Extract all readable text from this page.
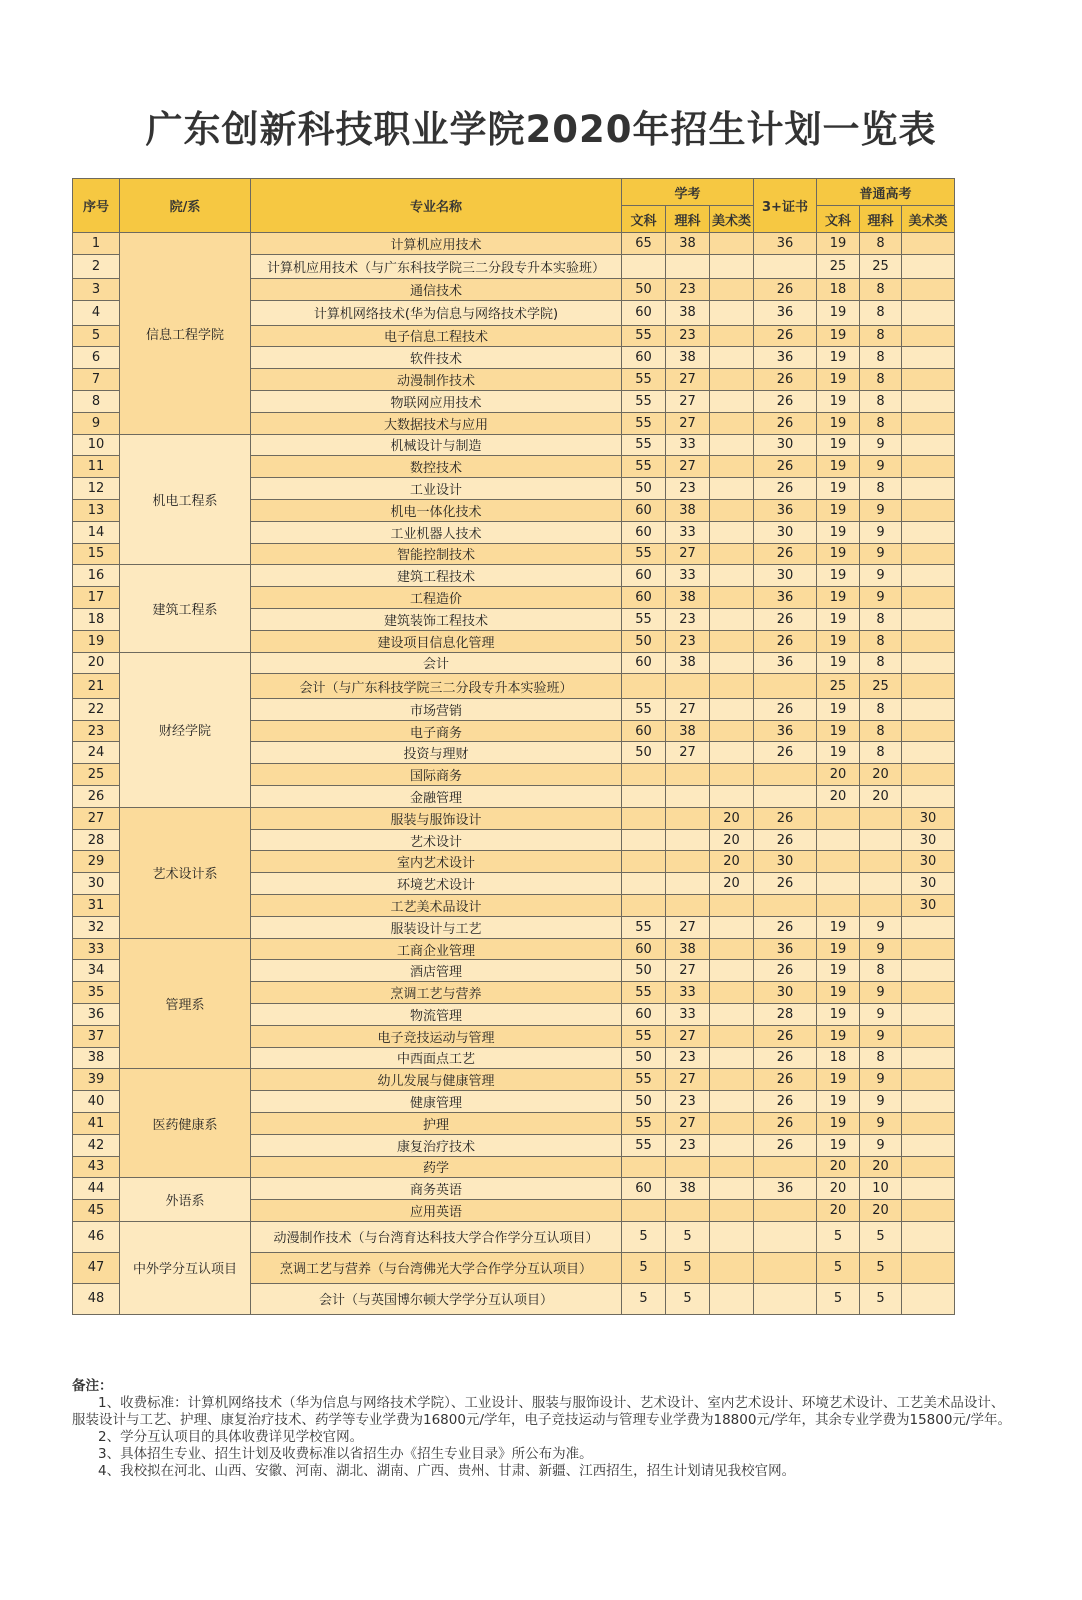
广东创新科技职业学院2020年招生计划一览表
序号	院/系	专业名称	学考			3+证书	普通高考		
			文科	理科	美术类		文科	理科	美术类
1	信息工程学院	计算机应用技术	65	38		36	19	8	
2		计算机应用技术（与广东科技学院三二分段专升本实验班）					25	25	
3		通信技术	50	23		26	18	8	
4		计算机网络技术(华为信息与网络技术学院)	60	38		36	19	8	
5		电子信息工程技术	55	23		26	19	8	
6		软件技术	60	38		36	19	8	
7		动漫制作技术	55	27		26	19	8	
8		物联网应用技术	55	27		26	19	8	
9		大数据技术与应用	55	27		26	19	8	
10	机电工程系	机械设计与制造	55	33		30	19	9	
11		数控技术	55	27		26	19	9	
12		工业设计	50	23		26	19	8	
13		机电一体化技术	60	38		36	19	9	
14		工业机器人技术	60	33		30	19	9	
15		智能控制技术	55	27		26	19	9	
16	建筑工程系	建筑工程技术	60	33		30	19	9	
17		工程造价	60	38		36	19	9	
18		建筑装饰工程技术	55	23		26	19	8	
19		建设项目信息化管理	50	23		26	19	8	
20	财经学院	会计	60	38		36	19	8	
21		会计（与广东科技学院三二分段专升本实验班）					25	25	
22		市场营销	55	27		26	19	8	
23		电子商务	60	38		36	19	8	
24		投资与理财	50	27		26	19	8	
25		国际商务					20	20	
26		金融管理					20	20	
27	艺术设计系	服装与服饰设计			20	26			30
28		艺术设计			20	26			30
29		室内艺术设计			20	30			30
30		环境艺术设计			20	26			30
31		工艺美术品设计							30
32		服装设计与工艺	55	27		26	19	9	
33	管理系	工商企业管理	60	38		36	19	9	
34		酒店管理	50	27		26	19	8	
35		烹调工艺与营养	55	33		30	19	9	
36		物流管理	60	33		28	19	9	
37		电子竞技运动与管理	55	27		26	19	9	
38		中西面点工艺	50	23		26	18	8	
39	医药健康系	幼儿发展与健康管理	55	27		26	19	9	
40		健康管理	50	23		26	19	9	
41		护理	55	27		26	19	9	
42		康复治疗技术	55	23		26	19	9	
43		药学					20	20	
44	外语系	商务英语	60	38		36	20	10	
45		应用英语					20	20	
46	中外学分互认项目	动漫制作技术（与台湾育达科技大学合作学分互认项目）	5	5			5	5	
47		烹调工艺与营养（与台湾佛光大学合作学分互认项目）	5	5			5	5	
48		会计（与英国博尔顿大学学分互认项目）	5	5			5	5	
备注：

1、收费标准：计算机网络技术（华为信息与网络技术学院）、工业设计、服装与服饰设计、艺术设计、室内艺术设计、环境艺术设计、工艺美术品设计、服装设计与工艺、护理、康复治疗技术、药学等专业学费为16800元/学年，电子竞技运动与管理专业学费为18800元/学年，其余专业学费为15800元/学年。

2、学分互认项目的具体收费详见学校官网。

3、具体招生专业、招生计划及收费标准以省招生办《招生专业目录》所公布为准。

4、我校拟在河北、山西、安徽、河南、湖北、湖南、广西、贵州、甘肃、新疆、江西招生，招生计划请见我校官网。
